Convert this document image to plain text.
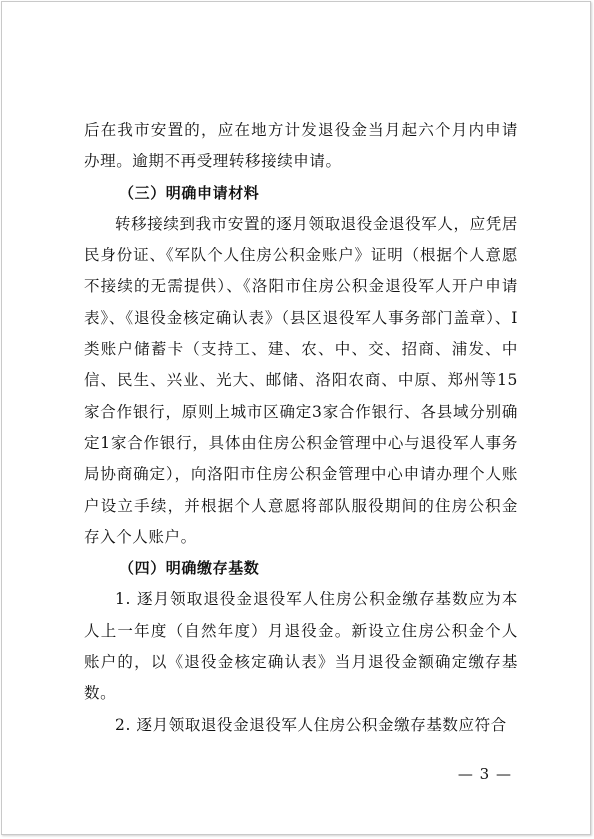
后在我市安置的，应在地方计发退役金当月起六个月内申请办理。逾期不再受理转移接续申请。

（三）明确申请材料

转移接续到我市安置的逐月领取退役金退役军人，应凭居民身份证、《军队个人住房公积金账户》证明（根据个人意愿不接续的无需提供）、《洛阳市住房公积金退役军人开户申请表》、《退役金核定确认表》（县区退役军人事务部门盖章）、Ⅰ类账户储蓄卡（支持工、建、农、中、交、招商、浦发、中信、民生、兴业、光大、邮储、洛阳农商、中原、郑州等15家合作银行，原则上城市区确定3家合作银行、各县域分别确定1家合作银行，具体由住房公积金管理中心与退役军人事务局协商确定），向洛阳市住房公积金管理中心申请办理个人账户设立手续，并根据个人意愿将部队服役期间的住房公积金存入个人账户。

（四）明确缴存基数

1. 逐月领取退役金退役军人住房公积金缴存基数应为本人上一年度（自然年度）月退役金。新设立住房公积金个人账户的，以《退役金核定确认表》当月退役金额确定缴存基数。

2. 逐月领取退役金退役军人住房公积金缴存基数应符合

— 3 —
